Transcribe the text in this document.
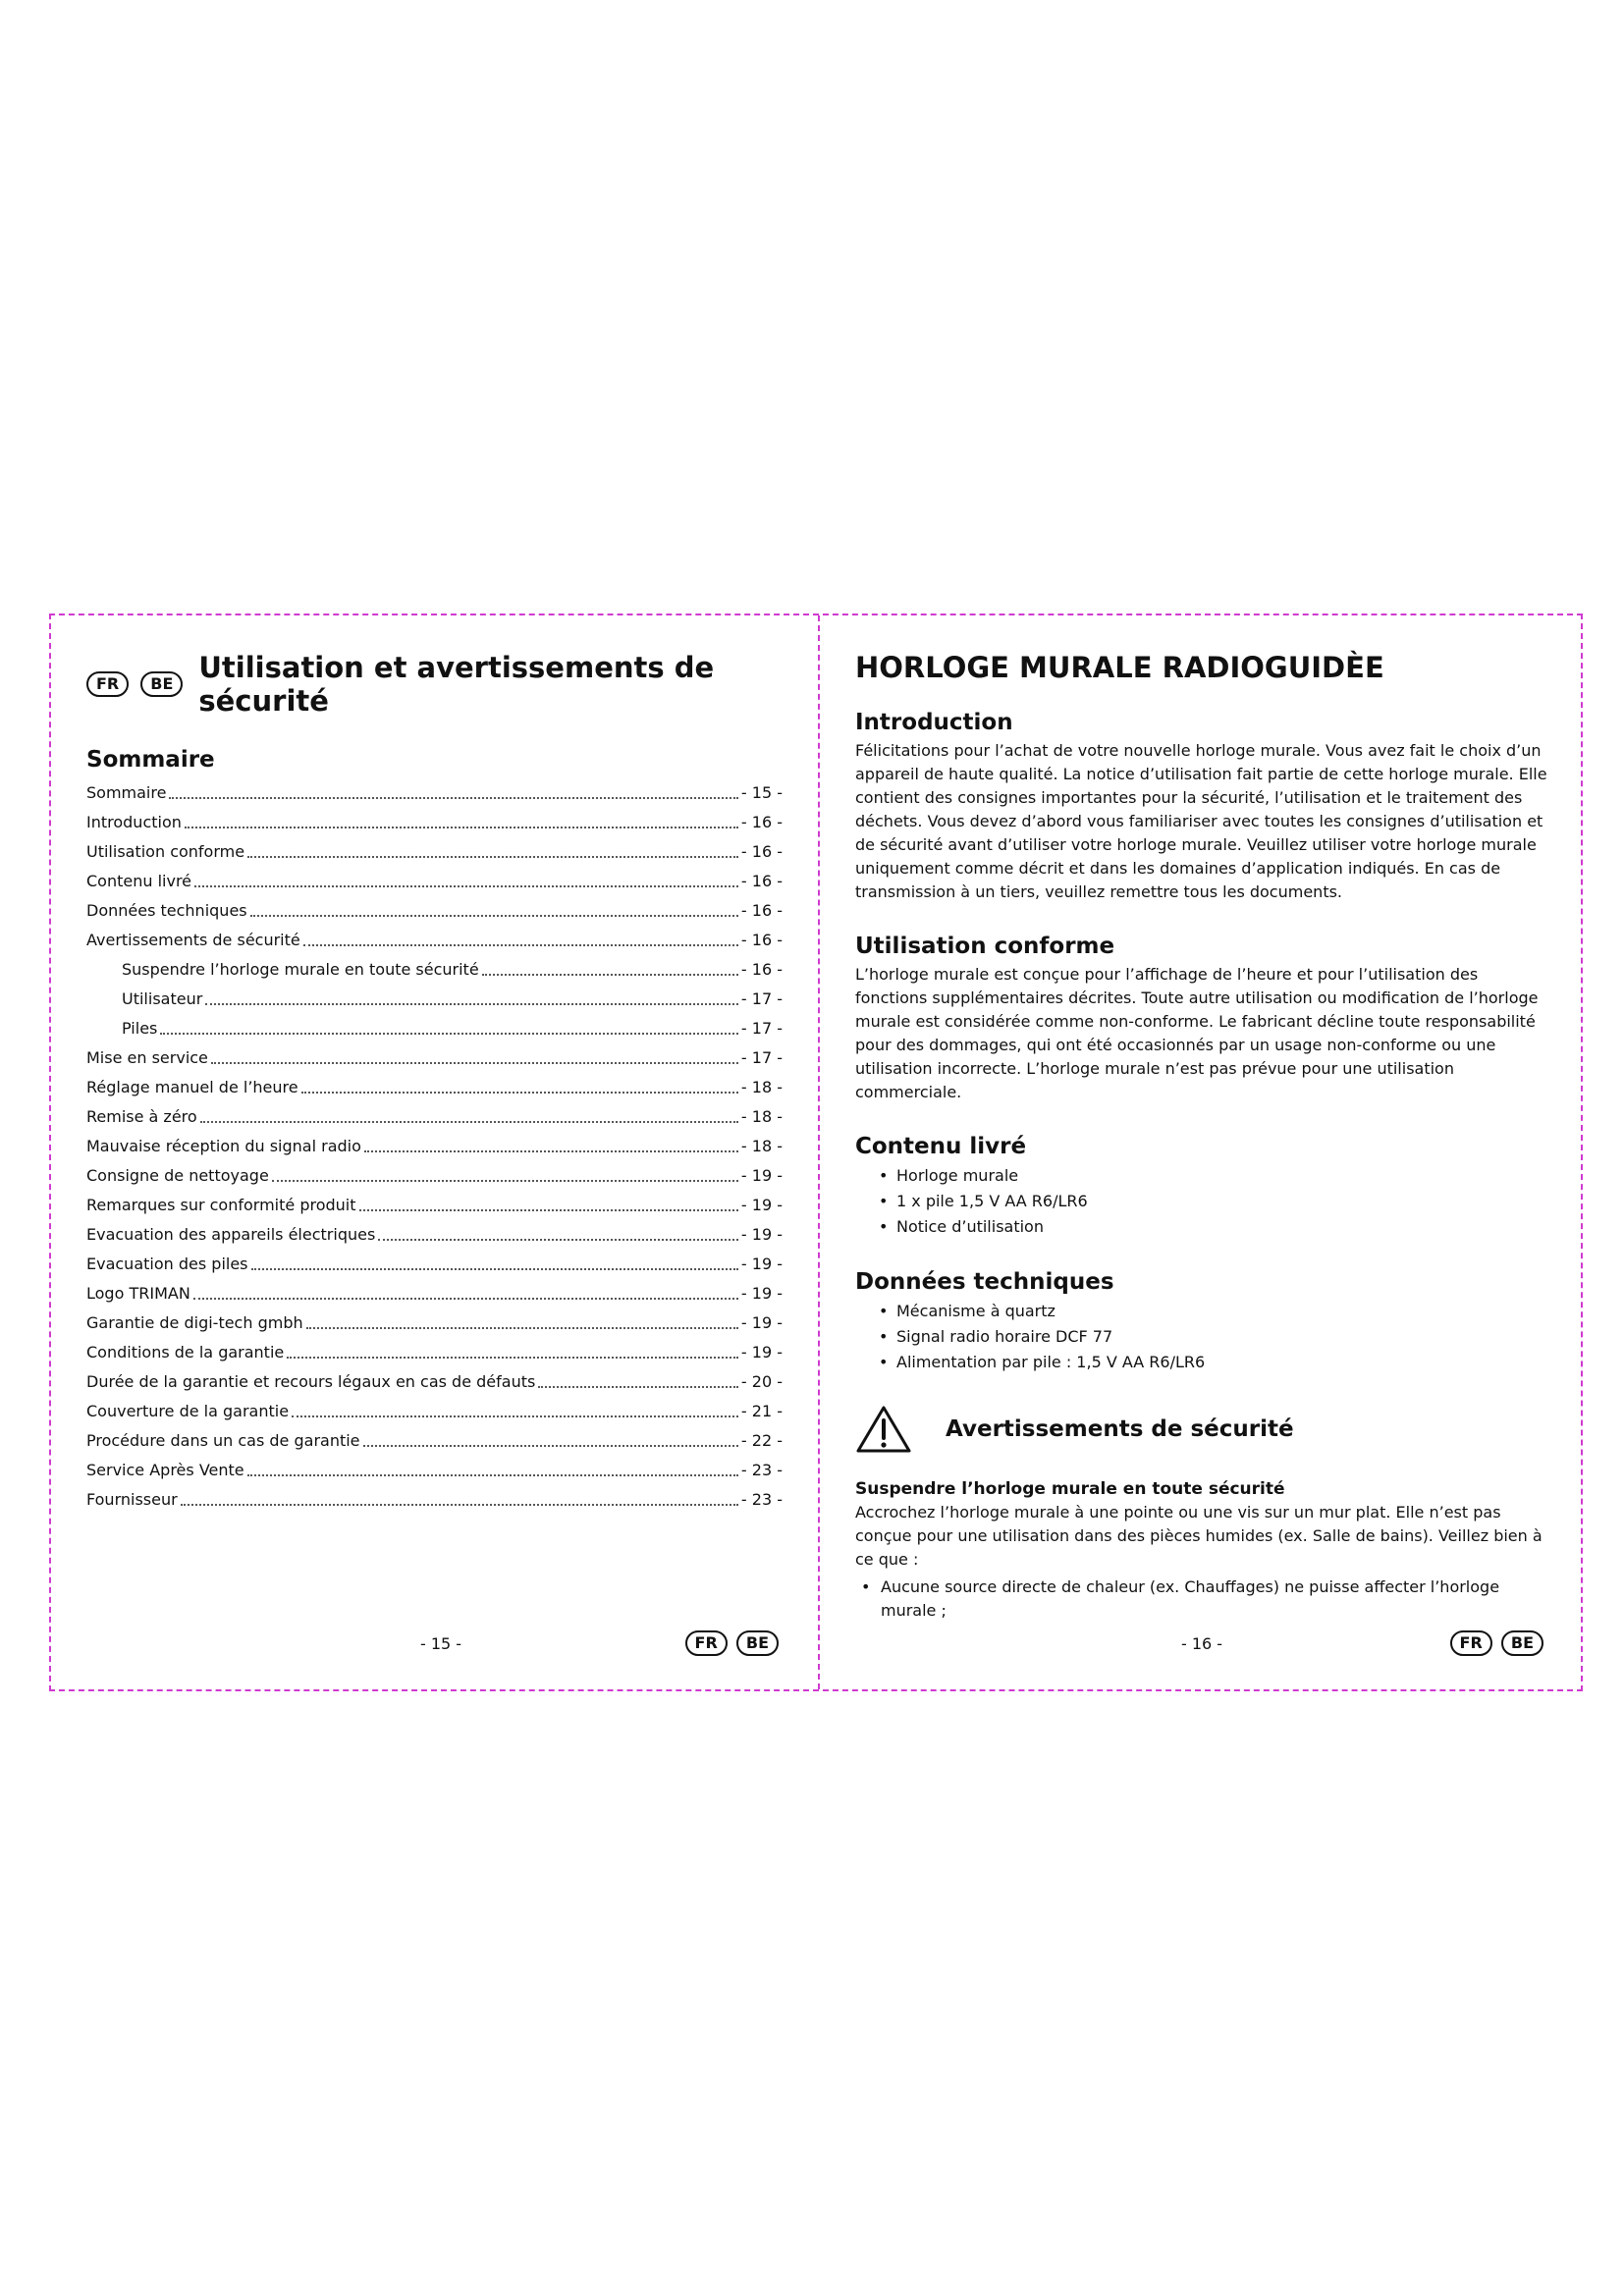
FR	BE Utilisation et avertissements de sécurité
Sommaire
Sommaire	- 15 -
Introduction	- 16 -
Utilisation conforme	- 16 -
Contenu livré	- 16 -
Données techniques	- 16 -
Avertissements de sécurité	- 16 -
Suspendre l’horloge murale en toute sécurité	- 16 -
Utilisateur	- 17 -
Piles	- 17 -
Mise en service	- 17 -
Réglage manuel de l’heure	- 18 -
Remise à zéro	- 18 -
Mauvaise réception du signal radio	- 18 -
Consigne de nettoyage	- 19 -
Remarques sur conformité produit	- 19 -
Evacuation des appareils électriques	- 19 -
Evacuation des piles	- 19 -
Logo TRIMAN	- 19 -
Garantie de digi-tech gmbh	- 19 -
Conditions de la garantie	- 19 -
Durée de la garantie et recours légaux en cas de défauts	- 20 -
Couverture de la garantie	- 21 -
Procédure dans un cas de garantie	- 22 -
Service Après Vente	- 23 -
Fournisseur	- 23 -
- 15 -	FR BE
HORLOGE MURALE RADIOGUIDÈE
Introduction

Félicitations pour l’achat de votre nouvelle horloge murale. Vous avez fait le choix d’un appareil de haute qualité. La notice d’utilisation fait partie de cette horloge murale. Elle contient des consignes importantes pour la sécurité, l’utilisation et le traitement des déchets. Vous devez d’abord vous familiariser avec toutes les consignes d’utilisation et de sécurité avant d’utiliser votre horloge murale. Veuillez utiliser votre horloge murale uniquement comme décrit et dans les domaines d’application indiqués. En cas de transmission à un tiers, veuillez remettre tous les documents.

Utilisation conforme

L’horloge murale est conçue pour l’affichage de l’heure et pour l’utilisation des fonctions supplémentaires décrites. Toute autre utilisation ou modification de l’horloge murale est considérée comme non-conforme. Le fabricant décline toute responsabilité pour des dommages, qui ont été occasionnés par un usage non-conforme ou une utilisation incorrecte. L’horloge murale n’est pas prévue pour une utilisation commerciale.

Contenu livré
• Horloge murale
• 1 x pile 1,5 V AA R6/LR6
• Notice d’utilisation
Données techniques
• Mécanisme à quartz
• Signal radio horaire DCF 77
• Alimentation par pile : 1,5 V AA R6/LR6
Avertissements de sécurité
Suspendre l’horloge murale en toute sécurité

Accrochez l’horloge murale à une pointe ou une vis sur un mur plat. Elle n’est pas conçue pour une utilisation dans des pièces humides (ex. Salle de bains). Veillez bien à ce que :

• Aucune source directe de chaleur (ex. Chauffages) ne puisse affecter l’horloge murale ;
- 16 -	FR BE
